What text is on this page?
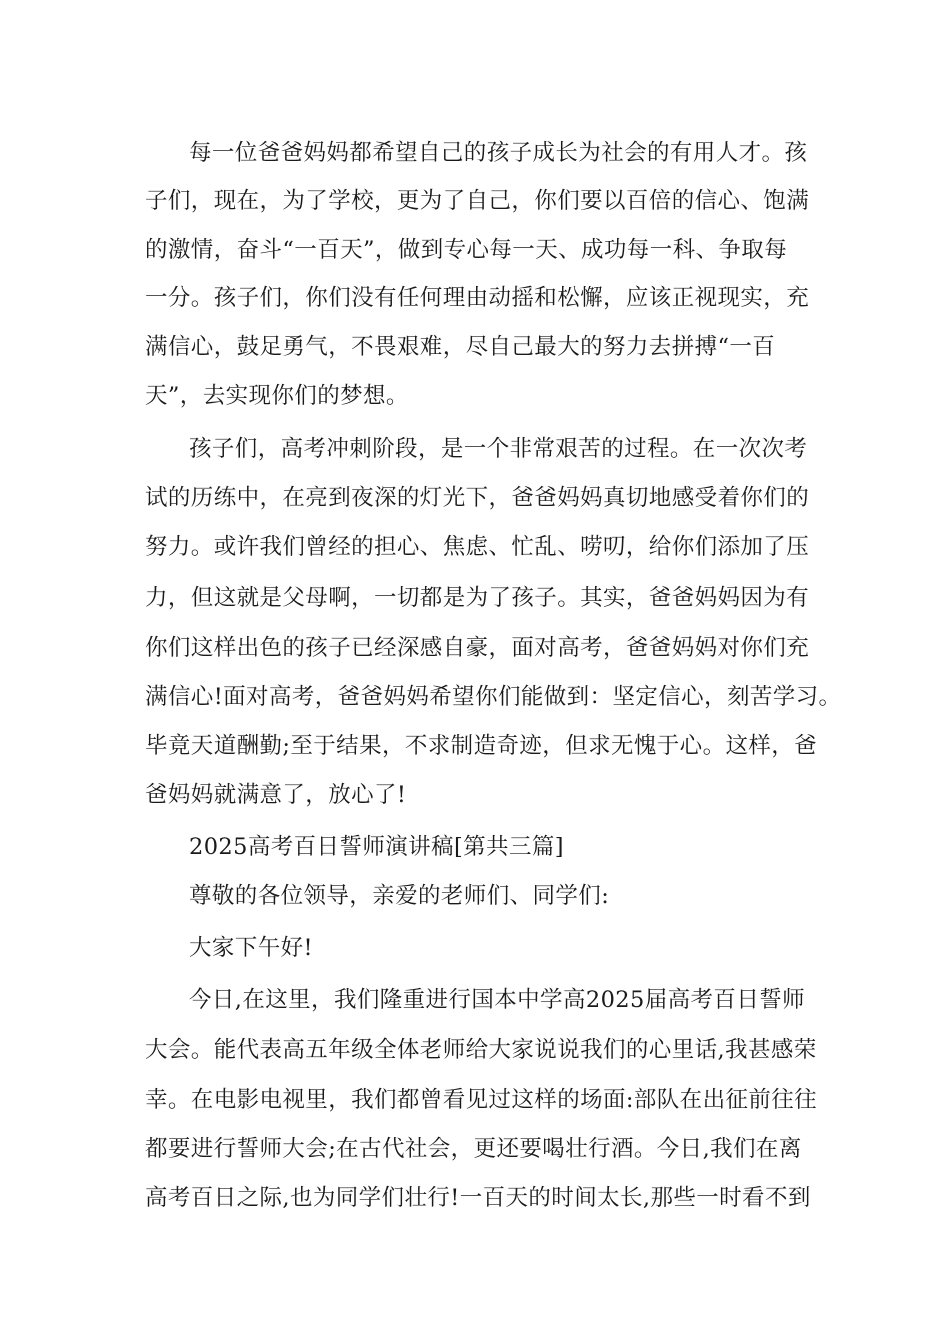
每一位爸爸妈妈都希望自己的孩子成长为社会的有用人才。孩
子们，现在，为了学校，更为了自己，你们要以百倍的信心、饱满
的激情，奋斗“一百天”，做到专心每一天、成功每一科、争取每
一分。孩子们，你们没有任何理由动摇和松懈，应该正视现实，充
满信心，鼓足勇气，不畏艰难，尽自己最大的努力去拼搏“一百
天”，去实现你们的梦想。
孩子们，高考冲刺阶段，是一个非常艰苦的过程。在一次次考
试的历练中，在亮到夜深的灯光下，爸爸妈妈真切地感受着你们的
努力。或许我们曾经的担心、焦虑、忙乱、唠叨，给你们添加了压
力，但这就是父母啊，一切都是为了孩子。其实，爸爸妈妈因为有
你们这样出色的孩子已经深感自豪，面对高考，爸爸妈妈对你们充
满信心!面对高考，爸爸妈妈希望你们能做到：坚定信心，刻苦学习。
毕竟天道酬勤;至于结果，不求制造奇迹，但求无愧于心。这样，爸
爸妈妈就满意了，放心了!
2025高考百日誓师演讲稿[第共三篇]
尊敬的各位领导，亲爱的老师们、同学们:
大家下午好!
今日,在这里，我们隆重进行国本中学高2025届高考百日誓师
大会。能代表高五年级全体老师给大家说说我们的心里话,我甚感荣
幸。在电影电视里，我们都曾看见过这样的场面:部队在出征前往往
都要进行誓师大会;在古代社会，更还要喝壮行酒。今日,我们在离
高考百日之际,也为同学们壮行!一百天的时间太长,那些一时看不到
